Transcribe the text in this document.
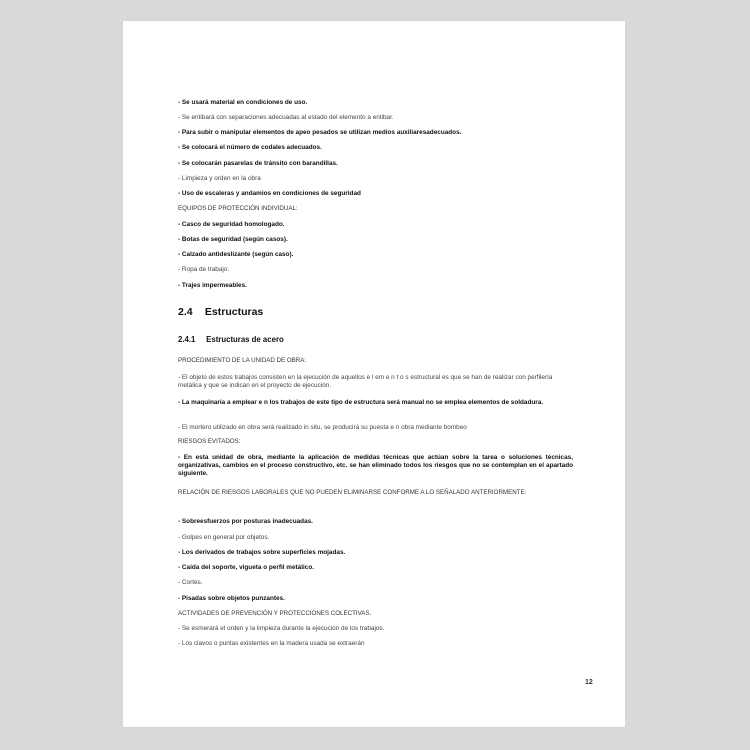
- Se usará material en condiciones de uso.
- Se entibará con separaciones adecuadas al estado del elemento a entibar.
- Para subir o manipular elementos de apeo pesados se utilizan medios auxiliaresadecuados.
- Se colocará el número de codales adecuados.
- Se colocarán pasarelas de tránsito con barandillas.
- Limpieza y orden en la obra
- Uso de escaleras y andamios en condiciones de seguridad
EQUIPOS DE PROTECCIÓN INDIVIDUAL:
- Casco de seguridad homologado.
- Botas de seguridad (según casos).
- Calzado antideslizante (según caso).
- Ropa de trabajo.
- Trajes impermeables.
2.4 Estructuras
2.4.1 Estructuras de acero
PROCEDIMIENTO DE LA UNIDAD DE OBRA:
- El objeto de estos trabajos consisten en la ejecución de aquellos e l em e n t o s estructural es que se han de realizar con perfilería metálica y que se indican en el proyecto de ejecución.
- La maquinaria a emplear e n los trabajos de este tipo de estructura será manual no se emplea elementos de soldadura.
- El mortero utilizado en obra será realizado in situ, se producirá su puesta e n obra mediante bombeo
RIESGOS EVITADOS:
- En esta unidad de obra, mediante la aplicación de medidas técnicas que actúan sobre la tarea o soluciones técnicas, organizativas, cambios en el proceso constructivo, etc. se han eliminado todos los riesgos que no se contemplan en el apartado siguiente.
RELACIÓN DE RIESGOS LABORALES QUE NO PUEDEN ELIMINARSE CONFORME A LO SEÑALADO ANTERIORMENTE:
- Sobreesfuerzos por posturas inadecuadas.
- Golpes en general por objetos.
- Los derivados de trabajos sobre superficies mojadas.
- Caída del soporte, vigueta o perfil metálico.
- Cortes.
- Pisadas sobre objetos punzantes.
ACTIVIDADES DE PREVENCIÓN Y PROTECCIONES COLECTIVAS.
- Se esmerará el orden y la limpieza durante la ejecución de los trabajos.
- Los clavos o puntas existentes en la madera usada se extraerán
12
